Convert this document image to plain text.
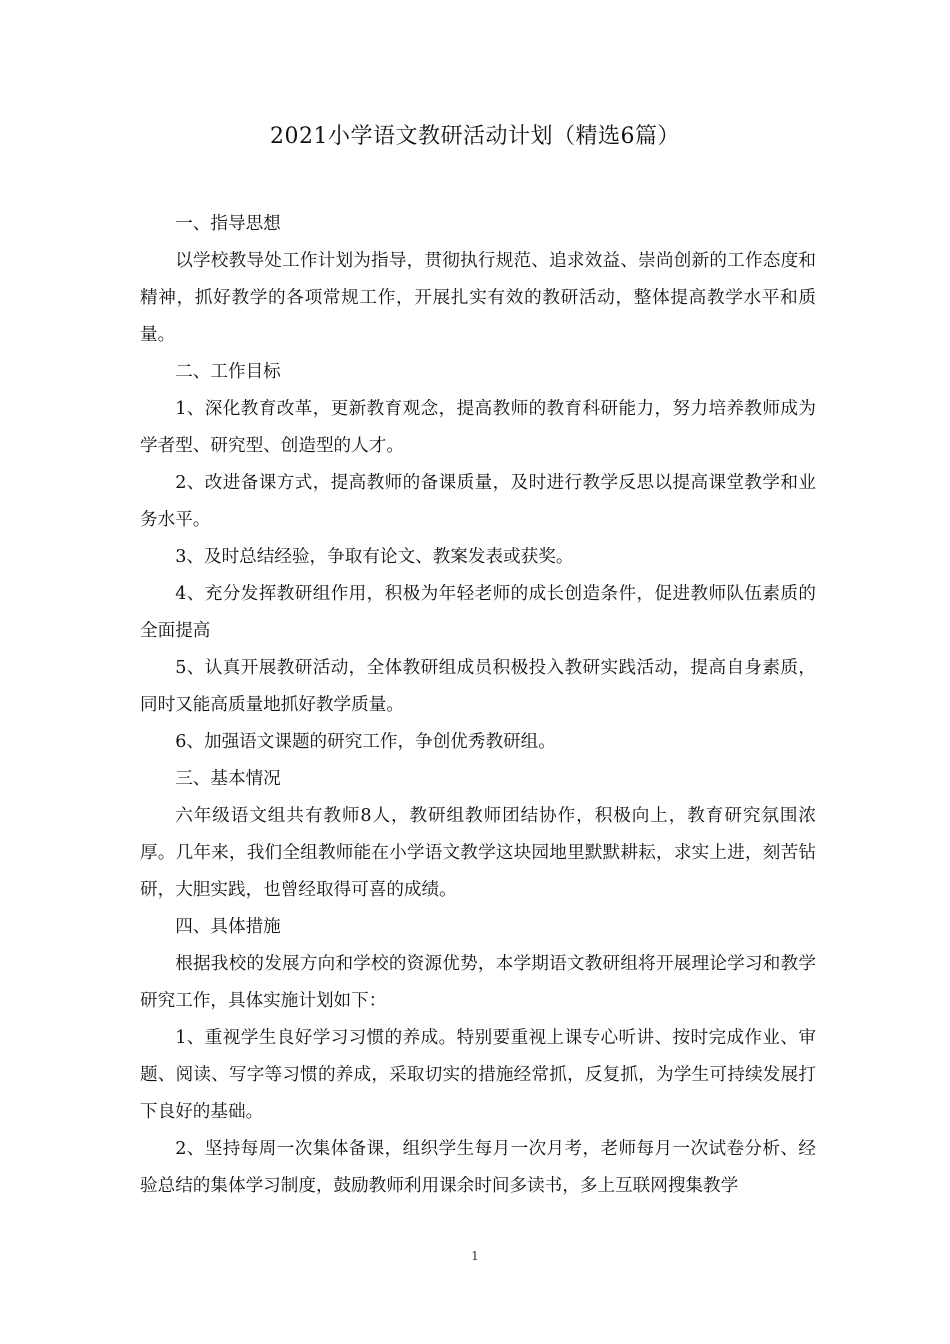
2021小学语文教研活动计划（精选6篇）

一、指导思想

以学校教导处工作计划为指导，贯彻执行规范、追求效益、崇尚创新的工作态度和精神，抓好教学的各项常规工作，开展扎实有效的教研活动，整体提高教学水平和质量。

二、工作目标

1、深化教育改革，更新教育观念，提高教师的教育科研能力，努力培养教师成为学者型、研究型、创造型的人才。

2、改进备课方式，提高教师的备课质量，及时进行教学反思以提高课堂教学和业务水平。

3、及时总结经验，争取有论文、教案发表或获奖。

4、充分发挥教研组作用，积极为年轻老师的成长创造条件，促进教师队伍素质的全面提高

5、认真开展教研活动，全体教研组成员积极投入教研实践活动，提高自身素质，同时又能高质量地抓好教学质量。

6、加强语文课题的研究工作，争创优秀教研组。

三、基本情况

六年级语文组共有教师8人，教研组教师团结协作，积极向上，教育研究氛围浓厚。几年来，我们全组教师能在小学语文教学这块园地里默默耕耘，求实上进，刻苦钻研，大胆实践，也曾经取得可喜的成绩。

四、具体措施

根据我校的发展方向和学校的资源优势，本学期语文教研组将开展理论学习和教学研究工作，具体实施计划如下：

1、重视学生良好学习习惯的养成。特别要重视上课专心听讲、按时完成作业、审题、阅读、写字等习惯的养成，采取切实的措施经常抓，反复抓，为学生可持续发展打下良好的基础。

2、坚持每周一次集体备课，组织学生每月一次月考，老师每月一次试卷分析、经验总结的集体学习制度，鼓励教师利用课余时间多读书，多上互联网搜集教学

1
